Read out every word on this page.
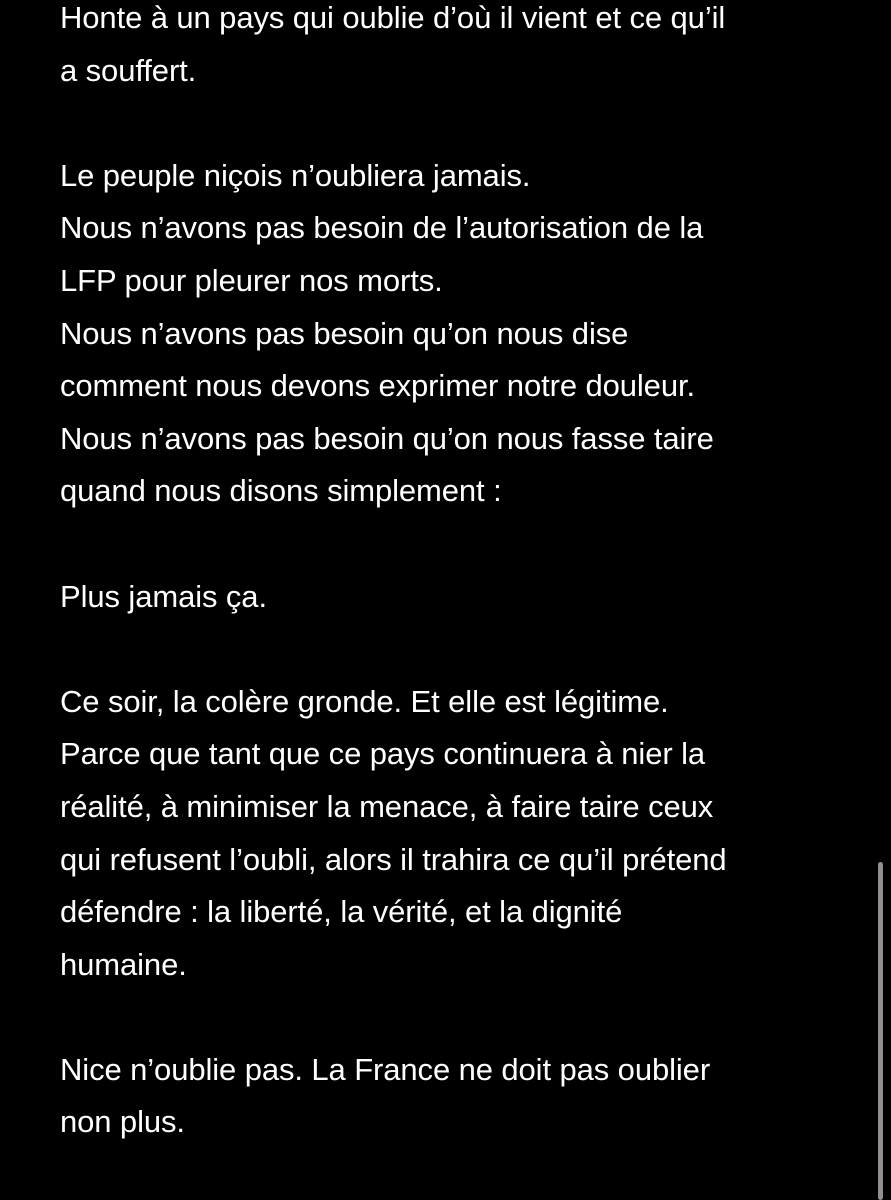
Honte à un pays qui oublie d’où il vient et ce qu’il
a souffert.
Le peuple niçois n’oubliera jamais.
Nous n’avons pas besoin de l’autorisation de la
LFP pour pleurer nos morts.
Nous n’avons pas besoin qu’on nous dise
comment nous devons exprimer notre douleur.
Nous n’avons pas besoin qu’on nous fasse taire
quand nous disons simplement :
Plus jamais ça.
Ce soir, la colère gronde. Et elle est légitime.
Parce que tant que ce pays continuera à nier la
réalité, à minimiser la menace, à faire taire ceux
qui refusent l’oubli, alors il trahira ce qu’il prétend
défendre : la liberté, la vérité, et la dignité
humaine.
Nice n’oublie pas. La France ne doit pas oublier
non plus.
